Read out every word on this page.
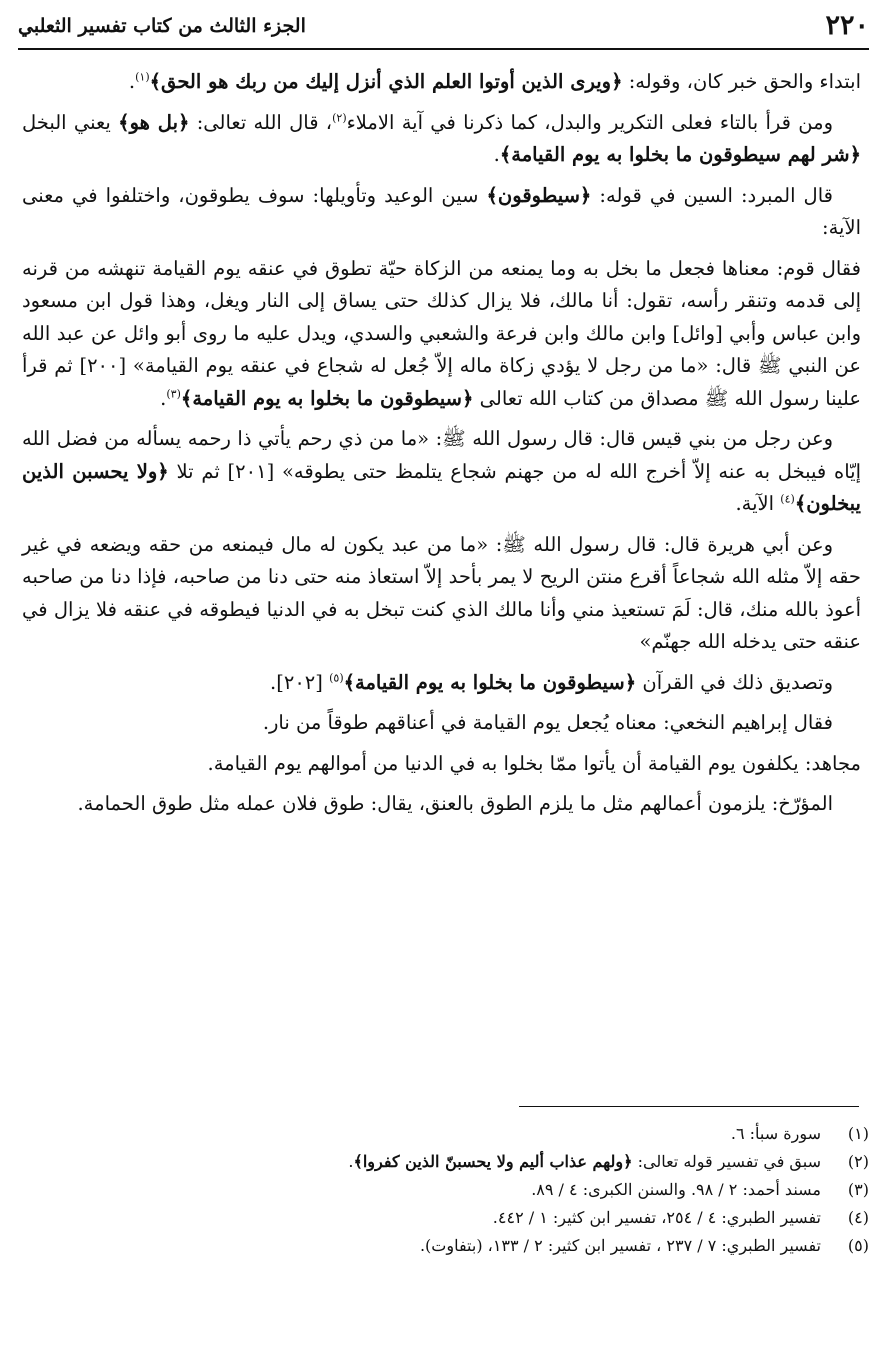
٢٢٠
الجزء الثالث من كتاب تفسير الثعلبي

ابتداء والحق خبر كان، وقوله: ﴿ويرى الذين أوتوا العلم الذي أنزل إليك من ربك هو الحق﴾$^{(١)}$.

ومن قرأ بالتاء فعلى التكرير والبدل، كما ذكرنا في آية الاملاء$^{(٢)}$، قال الله تعالى: ﴿بل هو﴾ يعني البخل ﴿شر لهم سيطوقون ما بخلوا به يوم القيامة﴾.

قال المبرد: السين في قوله: ﴿سيطوقون﴾ سين الوعيد وتأويلها: سوف يطوقون، واختلفوا في معنى الآية:

فقال قوم: معناها فجعل ما بخل به وما يمنعه من الزكاة حيّة تطوق في عنقه يوم القيامة تنهشه من قرنه إلى قدمه وتنقر رأسه، تقول: أنا مالك، فلا يزال كذلك حتى يساق إلى النار ويغل، وهذا قول ابن مسعود وابن عباس وأبي [وائل] وابن مالك وابن فرعة والشعبي والسدي، ويدل عليه ما روى أبو وائل عن عبد الله عن النبي ﷺ قال: «ما من رجل لا يؤدي زكاة ماله إلاّ جُعل له شجاع في عنقه يوم القيامة» [٢٠٠] ثم قرأ علينا رسول الله ﷺ مصداق من كتاب الله تعالى ﴿سيطوقون ما بخلوا به يوم القيامة﴾$^{(٣)}$.

وعن رجل من بني قيس قال: قال رسول الله ﷺ: «ما من ذي رحم يأتي ذا رحمه يسأله من فضل الله إيّاه فيبخل به عنه إلاّ أخرج الله له من جهنم شجاع يتلمظ حتى يطوقه» [٢٠١] ثم تلا ﴿ولا يحسبن الذين يبخلون﴾$^{(٤)}$ الآية.

وعن أبي هريرة قال: قال رسول الله ﷺ: «ما من عبد يكون له مال فيمنعه من حقه ويضعه في غير حقه إلاّ مثله الله شجاعاً أقرع منتن الريح لا يمر بأحد إلاّ استعاذ منه حتى دنا من صاحبه، فإذا دنا من صاحبه أعوذ بالله منك، قال: لَمَ تستعيذ مني وأنا مالك الذي كنت تبخل به في الدنيا فيطوقه في عنقه فلا يزال في عنقه حتى يدخله الله جهنّم»

وتصديق ذلك في القرآن ﴿سيطوقون ما بخلوا به يوم القيامة﴾$^{(٥)}$ [٢٠٢].

فقال إبراهيم النخعي: معناه يُجعل يوم القيامة في أعناقهم طوقاً من نار.

مجاهد: يكلفون يوم القيامة أن يأتوا ممّا بخلوا به في الدنيا من أموالهم يوم القيامة.

المؤرّخ: يلزمون أعمالهم مثل ما يلزم الطوق بالعنق، يقال: طوق فلان عمله مثل طوق الحمامة.

(١)
سورة سبأ: ٦.
(٢)
سبق في تفسير قوله تعالى: ﴿ولهم عذاب أليم ولا يحسبنّ الذين كفروا﴾.
(٣)
مسند أحمد: ٢ / ٩٨. والسنن الكبرى: ٤ / ٨٩.
(٤)
تفسير الطبري: ٤ / ٢٥٤، تفسير ابن كثير: ١ / ٤٤٢.
(٥)
تفسير الطبري: ٧ / ٢٣٧ ، تفسير ابن كثير: ٢ / ١٣٣، (بتفاوت).
